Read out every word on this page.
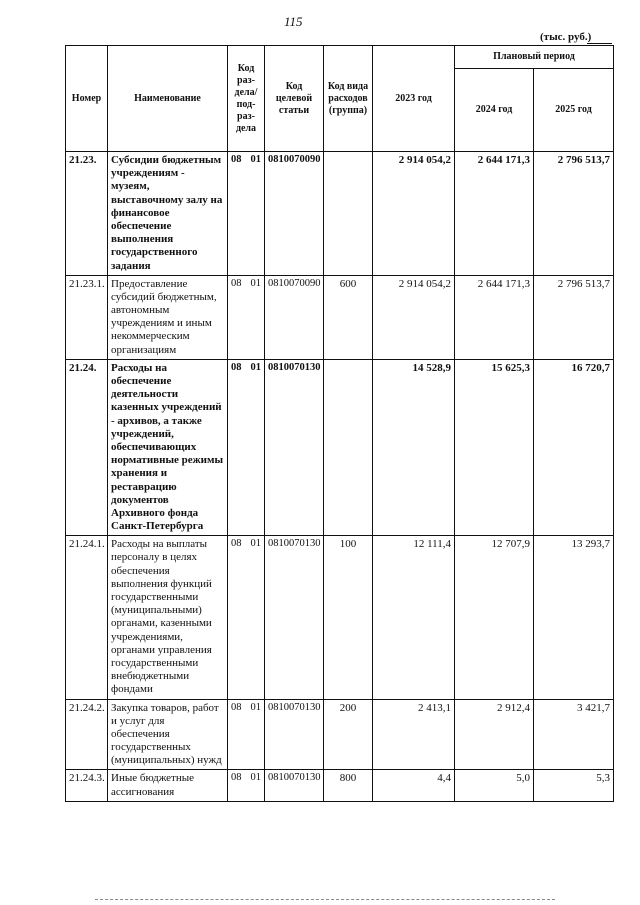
115
(тыс. руб.)
Номер	Наименование	Код раз-дела/ под-раз-дела	Код целевой статьи	Код вида расходов (группа)	2023 год	Плановый период	
						2024 год	2025 год
21.23.	Субсидии бюджетным учреждениям - музеям, выставочному залу на финансовое обеспечение выполнения государственного задания	08 01	0810070090		2 914 054,2	2 644 171,3	2 796 513,7
21.23.1.	Предоставление субсидий бюджетным, автономным учреждениям и иным некоммерческим организациям	08 01	0810070090	600	2 914 054,2	2 644 171,3	2 796 513,7
21.24.	Расходы на обеспечение деятельности казенных учреждений - архивов, а также учреждений, обеспечивающих нормативные режимы хранения и реставрацию документов Архивного фонда Санкт-Петербурга	08 01	0810070130		14 528,9	15 625,3	16 720,7
21.24.1.	Расходы на выплаты персоналу в целях обеспечения выполнения функций государственными (муниципальными) органами, казенными учреждениями, органами управления государственными внебюджетными фондами	08 01	0810070130	100	12 111,4	12 707,9	13 293,7
21.24.2.	Закупка товаров, работ и услуг для обеспечения государственных (муниципальных) нужд	08 01	0810070130	200	2 413,1	2 912,4	3 421,7
21.24.3.	Иные бюджетные ассигнования	08 01	0810070130	800	4,4	5,0	5,3
